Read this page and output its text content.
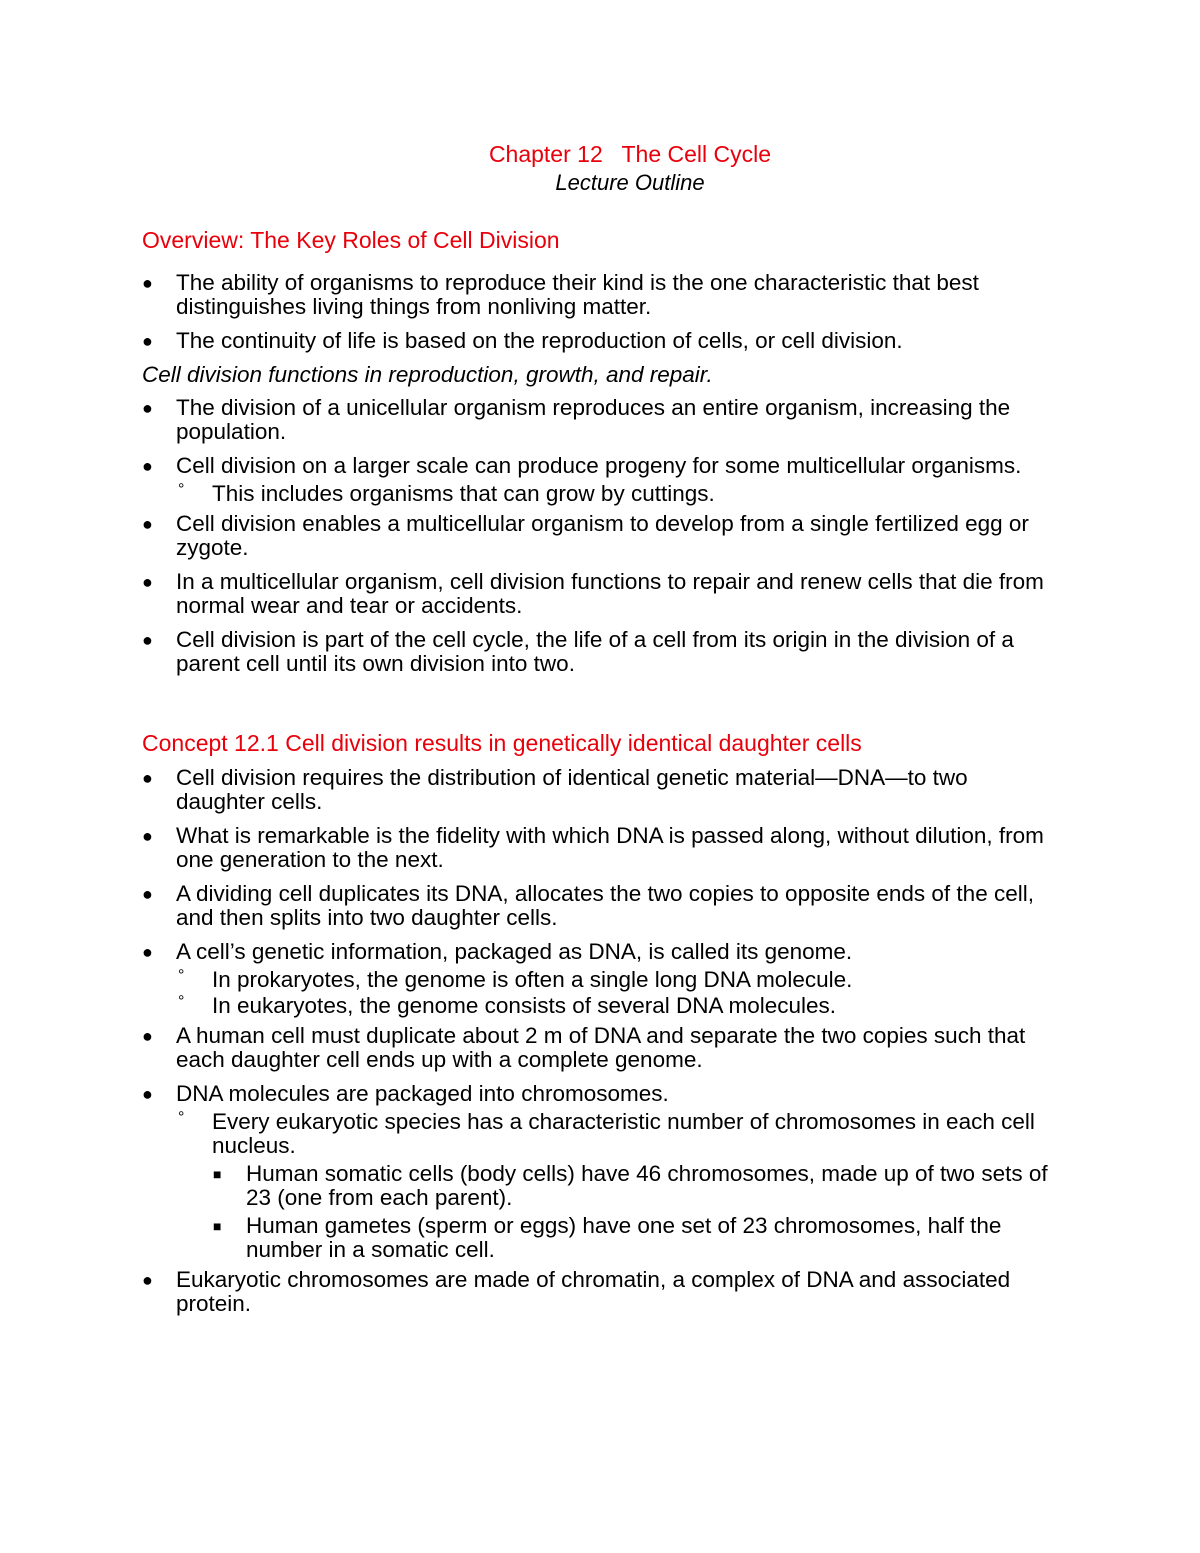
Chapter 12   The Cell Cycle
Lecture Outline
Overview: The Key Roles of Cell Division
●	The ability of organisms to reproduce their kind is the one characteristic that best distinguishes living things from nonliving matter.
●	The continuity of life is based on the reproduction of cells, or cell division.
Cell division functions in reproduction, growth, and repair.
●	The division of a unicellular organism reproduces an entire organism, increasing the population.
●	Cell division on a larger scale can produce progeny for some multicellular organisms.
° This includes organisms that can grow by cuttings.
●	Cell division enables a multicellular organism to develop from a single fertilized egg or zygote.
●	In a multicellular organism, cell division functions to repair and renew cells that die from normal wear and tear or accidents.
●	Cell division is part of the cell cycle, the life of a cell from its origin in the division of a parent cell until its own division into two.
Concept 12.1 Cell division results in genetically identical daughter cells
●	Cell division requires the distribution of identical genetic material—DNA—to two daughter cells.
●	What is remarkable is the fidelity with which DNA is passed along, without dilution, from one generation to the next.
●	A dividing cell duplicates its DNA, allocates the two copies to opposite ends of the cell, and then splits into two daughter cells.
●	A cell’s genetic information, packaged as DNA, is called its genome.
° In prokaryotes, the genome is often a single long DNA molecule.
° In eukaryotes, the genome consists of several DNA molecules.
●	A human cell must duplicate about 2 m of DNA and separate the two copies such that each daughter cell ends up with a complete genome.
●	DNA molecules are packaged into chromosomes.
° Every eukaryotic species has a characteristic number of chromosomes in each cell nucleus.
■ Human somatic cells (body cells) have 46 chromosomes, made up of two sets of 23 (one from each parent).
■ Human gametes (sperm or eggs) have one set of 23 chromosomes, half the number in a somatic cell.
●	Eukaryotic chromosomes are made of chromatin, a complex of DNA and associated protein.
